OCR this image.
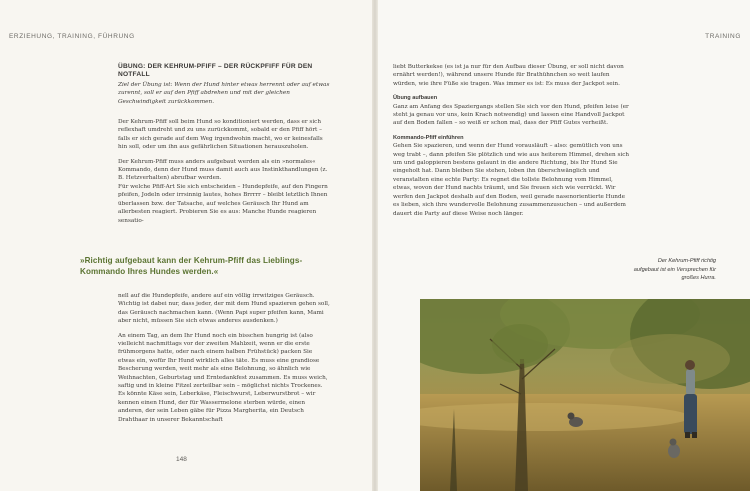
ERZIEHUNG, TRAINING, FÜHRUNG	TRAINING
ÜBUNG: DER KEHRUM-PFIFF – DER RÜCKPFIFF FÜR DEN
NOTFALL

Ziel der Übung ist: Wenn der Hund hinter etwas herrennt oder auf etwas zurennt, soll er auf den Pfiff abdrehen und mit der gleichen Geschwindigkeit zurückkommen.

Der Kehrum-Pfiff soll beim Hund so konditioniert werden, dass er sich reflexhaft umdreht und zu uns zurückkommt, sobald er den Pfiff hört – falls er sich gerade auf dem Weg irgendwohin macht, wo er keinesfalls hin soll, oder um ihn aus gefährlichen Situationen herauszuholen.

Der Kehrum-Pfiff muss anders aufgebaut werden als ein »normales« Kommando, denn der Hund muss damit auch aus Instinkthandlungen (z. B. Hetzverhalten) abrufbar werden.

Für welche Pfiff-Art Sie sich entscheiden – Hundepfeife, auf den Fingern pfeifen, Jodeln oder irrsinnig lautes, hohes Brrrrr – bleibt letztlich Ihnen überlassen bzw. der Tatsache, auf welches Geräusch Ihr Hund am allerbesten reagiert. Probieren Sie es aus: Manche Hunde reagieren sensatio-

»Richtig aufgebaut kann der Kehrum-Pfiff das Lieblings-Kommando Ihres Hundes werden.«

nell auf die Hundepfeife, andere auf ein völlig irrwitziges Geräusch. Wichtig ist dabei nur, dass jeder, der mit dem Hund spazieren gehen soll, das Geräusch nachmachen kann. (Wenn Papi super pfeifen kann, Mami aber nicht, müssen Sie sich etwas anderes ausdenken.)

An einem Tag, an dem Ihr Hund noch ein bisschen hungrig ist (also vielleicht nachmittags vor der zweiten Mahlzeit, wenn er die erste frühmorgens hatte, oder nach einem halben Frühstück) packen Sie etwas ein, wofür Ihr Hund wirklich alles täte. Es muss eine grandiose Bescherung werden, weit mehr als eine Belohnung, so ähnlich wie Weihnachten, Geburtstag und Erntedankfest zusammen. Es muss weich, saftig und in kleine Fitzel zerteilbar sein – möglichst nichts Trockenes. Es könnte Käse sein, Leberkäse, Fleischwurst, Leberwurstbrot – wir kennen einen Hund, der für Wassermelone sterben würde, einen anderen, der sein Leben gäbe für Pizza Margherita, ein Deutsch Drahthaar in unserer Bekanntschaft

148

liebt Butterkekse (es ist ja nur für den Aufbau dieser Übung, er soll nicht davon ernährt werden!), während unsere Hunde für Brathühnchen so weit laufen würden, wie ihre Füße sie tragen. Was immer es ist: Es muss der Jackpot sein.

Übung aufbauen

Ganz am Anfang des Spaziergangs stellen Sie sich vor den Hund, pfeifen leise (er steht ja genau vor uns, kein Krach notwendig) und lassen eine Handvoll Jackpot auf den Boden fallen – so weiß er schon mal, dass der Pfiff Gutes verheißt.

Kommando-Pfiff einführen

Gehen Sie spazieren, und wenn der Hund vorausläuft – also: gemütlich von uns weg trabt –, dann pfeifen Sie plötzlich und wie aus heiterem Himmel, drehen sich um und galoppieren bestens gelaunt in die andere Richtung, bis Ihr Hund Sie eingeholt hat. Dann bleiben Sie stehen, loben ihn überschwänglich und veranstalten eine echte Party: Es regnet die tollste Belohnung vom Himmel, etwas, wovon der Hund nachts träumt, und Sie freuen sich wie verrückt. Wir werfen den Jackpot deshalb auf den Boden, weil gerade nasenorientierte Hunde es lieben, sich ihre wundervolle Belohnung zusammenzusuchen – und außerdem dauert die Party auf diese Weise noch länger.

Der Kehrum-Pfiff richtig aufgebaut ist ein Versprechen für großes Hurra.
